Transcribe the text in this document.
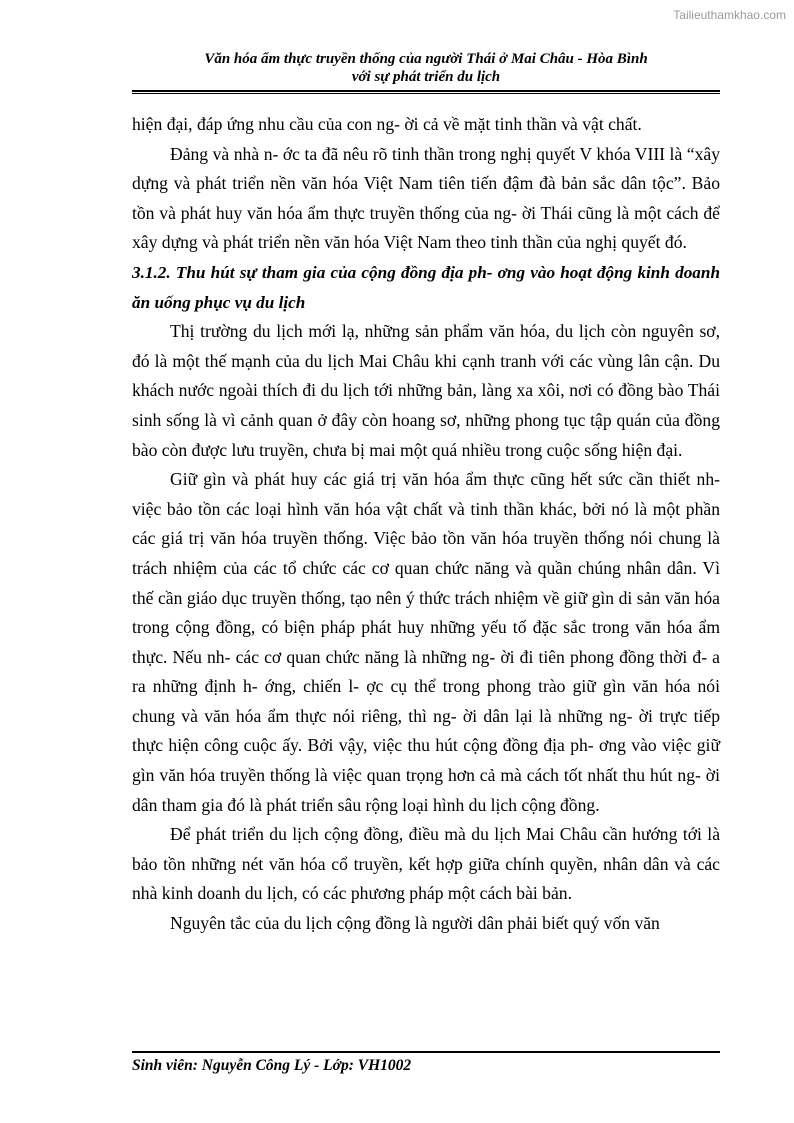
Tailieuthamkhao.com
Văn hóa ẩm thực truyền thống của người Thái ở Mai Châu - Hòa Bình
với sự phát triển du lịch

hiện đại, đáp ứng nhu cầu của con ng- ời cả về mặt tinh thần và vật chất.

Đảng và nhà n- ớc ta đã nêu rõ tinh thần trong nghị quyết V khóa VIII là “xây dựng và phát triển nền văn hóa Việt Nam tiên tiến đậm đà bản sắc dân tộc”. Bảo tồn và phát huy văn hóa ẩm thực truyền thống của ng- ời Thái cũng là một cách để xây dựng và phát triển nền văn hóa Việt Nam theo tinh thần của nghị quyết đó.

3.1.2. Thu hút sự tham gia của cộng đồng địa ph- ơng vào hoạt động kinh doanh ăn uống phục vụ du lịch

Thị trường du lịch mới lạ, những sản phẩm văn hóa, du lịch còn nguyên sơ, đó là một thế mạnh của du lịch Mai Châu khi cạnh tranh với các vùng lân cận. Du khách nước ngoài thích đi du lịch tới những bản, làng xa xôi, nơi có đồng bào Thái sinh sống là vì cảnh quan ở đây còn hoang sơ, những phong tục tập quán của đồng bào còn được lưu truyền, chưa bị mai một quá nhiều trong cuộc sống hiện đại.

Giữ gìn và phát huy các giá trị văn hóa ẩm thực cũng hết sức cần thiết nh- việc bảo tồn các loại hình văn hóa vật chất và tinh thần khác, bởi nó là một phần các giá trị văn hóa truyền thống. Việc bảo tồn văn hóa truyền thống nói chung là trách nhiệm của các tổ chức các cơ quan chức năng và quần chúng nhân dân. Vì thế cần giáo dục truyền thống, tạo nên ý thức trách nhiệm về giữ gìn di sản văn hóa trong cộng đồng, có biện pháp phát huy những yếu tố đặc sắc trong văn hóa ẩm thực. Nếu nh- các cơ quan chức năng là những ng- ời đi tiên phong đồng thời đ- a ra những định h- ớng, chiến l- ợc cụ thể trong phong trào giữ gìn văn hóa nói chung và văn hóa ẩm thực nói riêng, thì ng- ời dân lại là những ng- ời trực tiếp thực hiện công cuộc ấy. Bởi vậy, việc thu hút cộng đồng địa ph- ơng vào việc giữ gìn văn hóa truyền thống là việc quan trọng hơn cả mà cách tốt nhất thu hút ng- ời dân tham gia đó là phát triển sâu rộng loại hình du lịch cộng đồng.

Để phát triển du lịch cộng đồng, điều mà du lịch Mai Châu cần hướng tới là bảo tồn những nét văn hóa cổ truyền, kết hợp giữa chính quyền, nhân dân và các nhà kinh doanh du lịch, có các phương pháp một cách bài bản.

Nguyên tắc của du lịch cộng đồng là người dân phải biết quý vốn văn

Sinh viên: Nguyễn Công Lý - Lớp: VH1002
